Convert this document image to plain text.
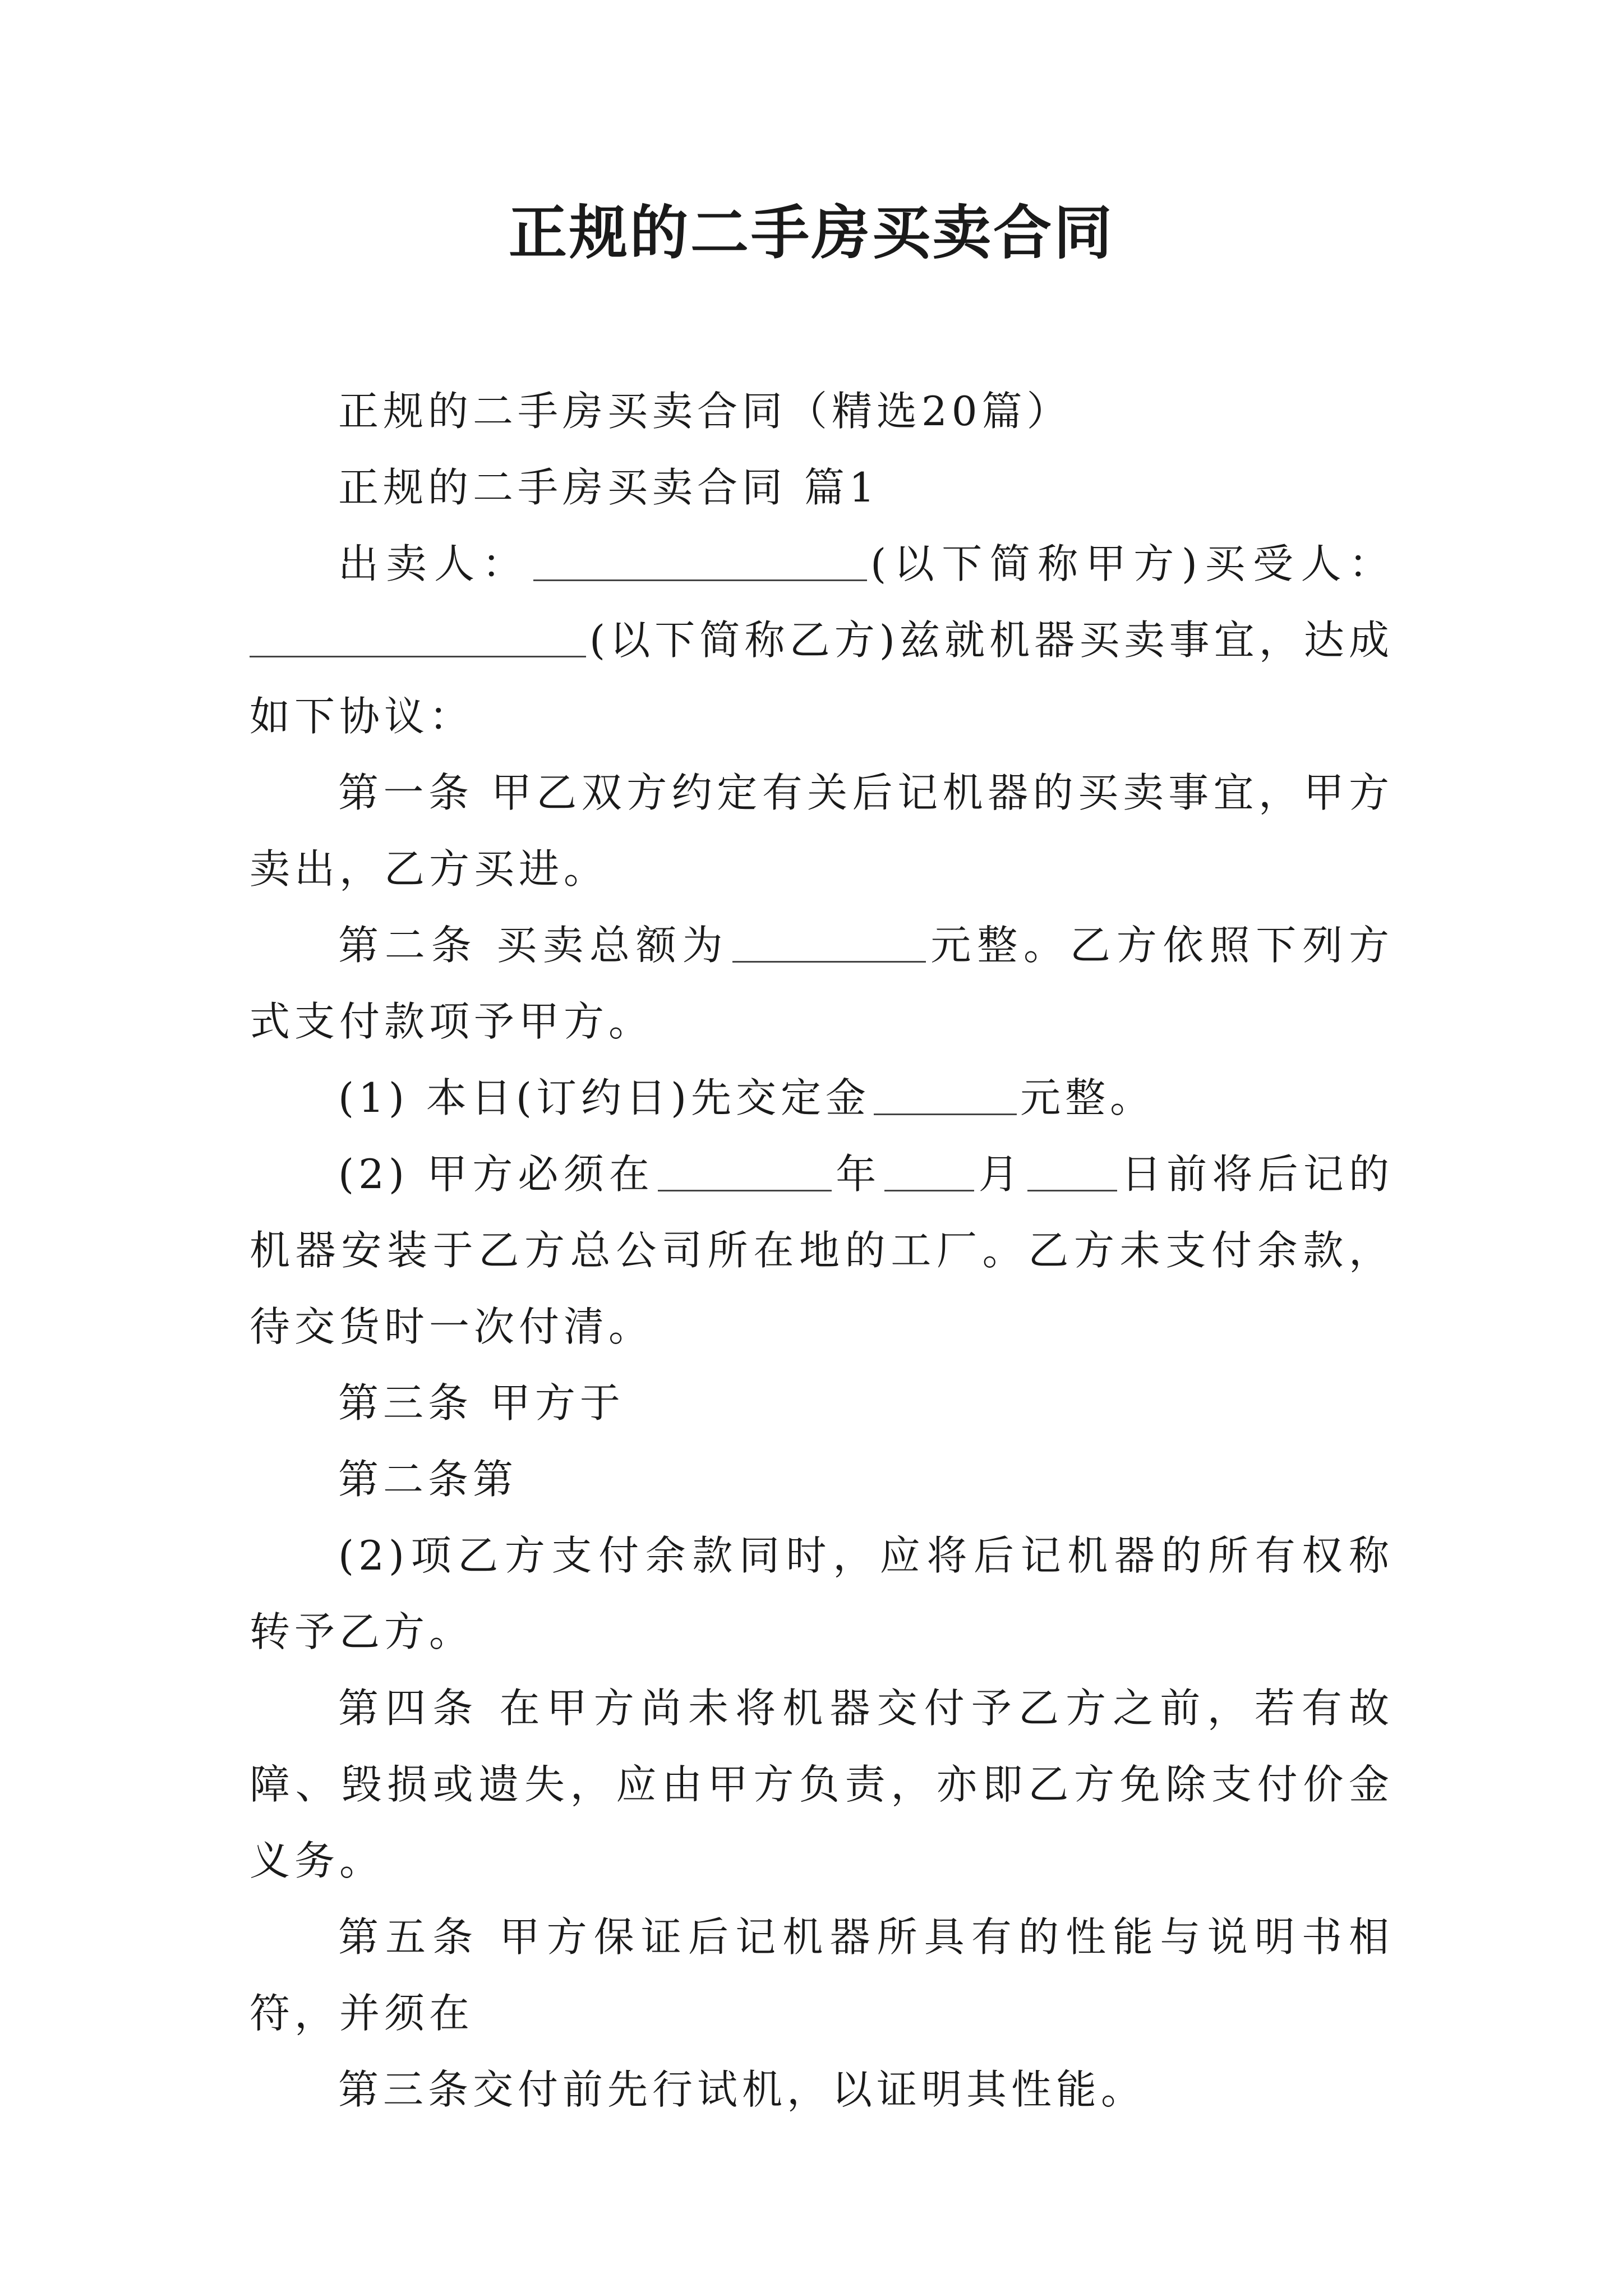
正规的二手房买卖合同

正规的二手房买卖合同（精选20篇）

正规的二手房买卖合同 篇1

出卖人：	(以下简称甲方)买受人：(以下简称乙方)兹就机器买卖事宜，达成如下协议：

第一条 甲乙双方约定有关后记机器的买卖事宜，甲方卖出，乙方买进。

第二条 买卖总额为	元整。乙方依照下列方式支付款项予甲方。

(1) 本日(订约日)先交定金	元整。

(2) 甲方必须在	年 月 日前将后记的机器安装于乙方总公司所在地的工厂。乙方未支付余款，待交货时一次付清。

第三条 甲方于

第二条第

(2)项乙方支付余款同时，应将后记机器的所有权称转予乙方。

第四条 在甲方尚未将机器交付予乙方之前，若有故障、毁损或遗失，应由甲方负责，亦即乙方免除支付价金义务。

第五条 甲方保证后记机器所具有的性能与说明书相符，并须在

第三条交付前先行试机，以证明其性能。
